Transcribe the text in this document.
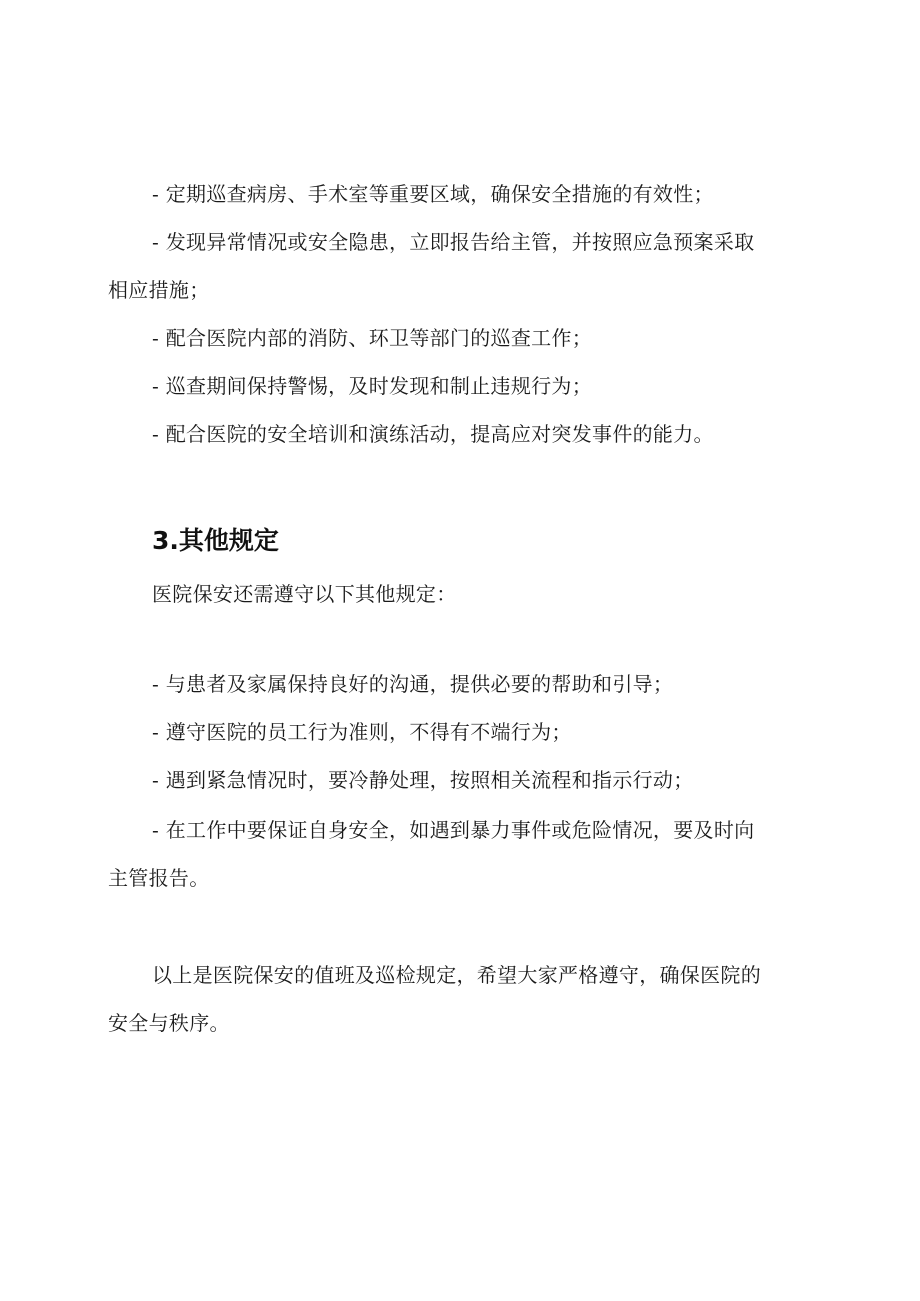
- 定期巡查病房、手术室等重要区域，确保安全措施的有效性；
- 发现异常情况或安全隐患，立即报告给主管，并按照应急预案采取
相应措施；
- 配合医院内部的消防、环卫等部门的巡查工作；
- 巡查期间保持警惕，及时发现和制止违规行为；
- 配合医院的安全培训和演练活动，提高应对突发事件的能力。
3.其他规定
医院保安还需遵守以下其他规定：
- 与患者及家属保持良好的沟通，提供必要的帮助和引导；
- 遵守医院的员工行为准则，不得有不端行为；
- 遇到紧急情况时，要冷静处理，按照相关流程和指示行动；
- 在工作中要保证自身安全，如遇到暴力事件或危险情况，要及时向
主管报告。
以上是医院保安的值班及巡检规定，希望大家严格遵守，确保医院的
安全与秩序。
